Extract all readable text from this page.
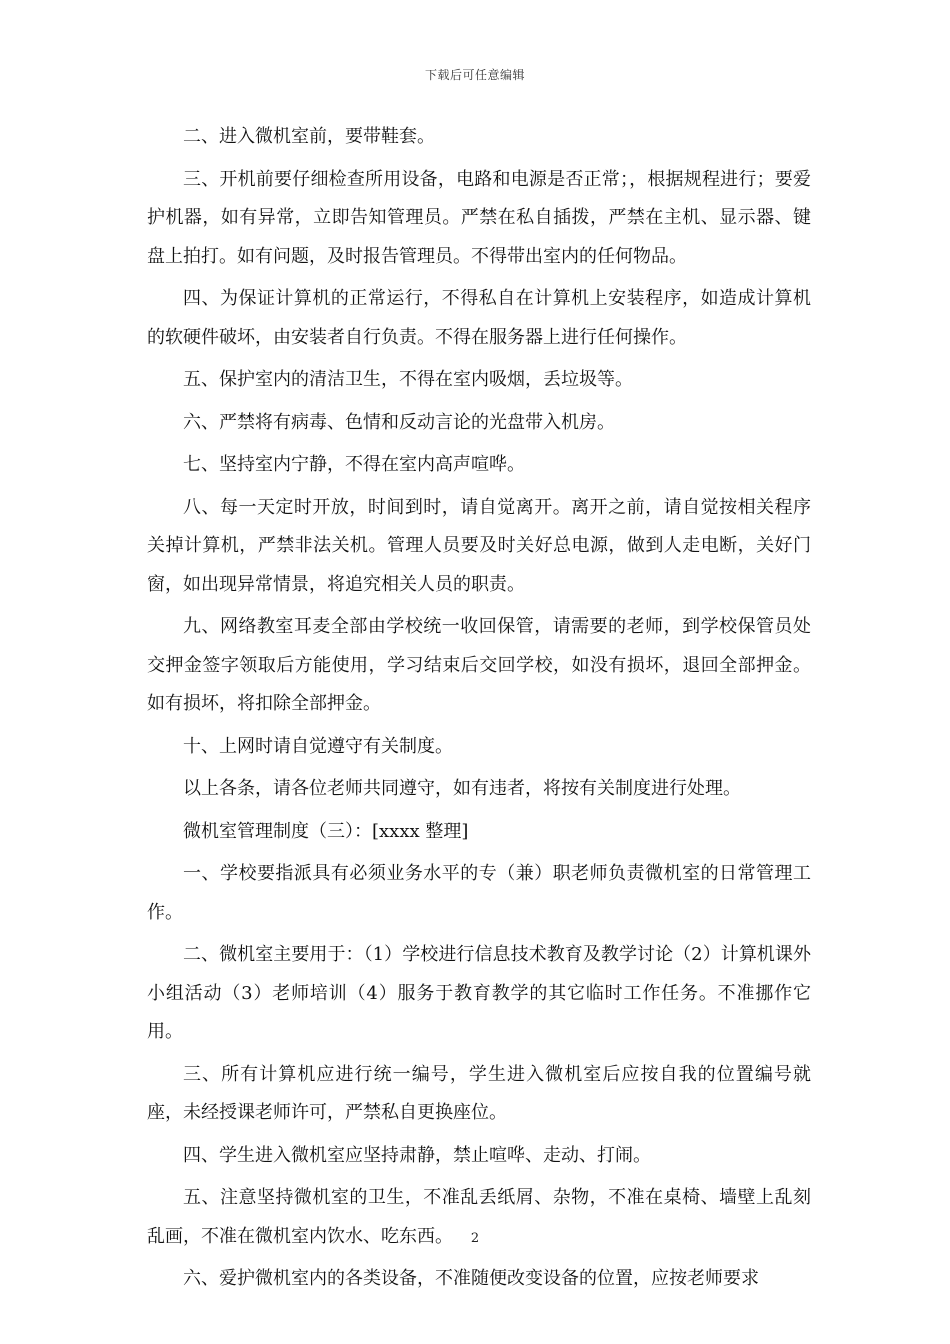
下载后可任意编辑

二、进入微机室前，要带鞋套。

三、开机前要仔细检查所用设备，电路和电源是否正常；，根据规程进行；要爱护机器，如有异常，立即告知管理员。严禁在私自插拨，严禁在主机、显示器、键盘上拍打。如有问题，及时报告管理员。不得带出室内的任何物品。

四、为保证计算机的正常运行，不得私自在计算机上安装程序，如造成计算机的软硬件破坏，由安装者自行负责。不得在服务器上进行任何操作。

五、保护室内的清洁卫生，不得在室内吸烟，丢垃圾等。

六、严禁将有病毒、色情和反动言论的光盘带入机房。

七、坚持室内宁静，不得在室内高声喧哗。

八、每一天定时开放，时间到时，请自觉离开。离开之前，请自觉按相关程序关掉计算机，严禁非法关机。管理人员要及时关好总电源，做到人走电断，关好门窗，如出现异常情景，将追究相关人员的职责。

九、网络教室耳麦全部由学校统一收回保管，请需要的老师，到学校保管员处交押金签字领取后方能使用，学习结束后交回学校，如没有损坏，退回全部押金。如有损坏，将扣除全部押金。

十、上网时请自觉遵守有关制度。

以上各条，请各位老师共同遵守，如有违者，将按有关制度进行处理。

微机室管理制度（三）：[xxxx 整理]

一、学校要指派具有必须业务水平的专（兼）职老师负责微机室的日常管理工作。

二、微机室主要用于：（1）学校进行信息技术教育及教学讨论（2）计算机课外小组活动（3）老师培训（4）服务于教育教学的其它临时工作任务。不准挪作它用。

三、所有计算机应进行统一编号，学生进入微机室后应按自我的位置编号就座，未经授课老师许可，严禁私自更换座位。

四、学生进入微机室应坚持肃静，禁止喧哗、走动、打闹。

五、注意坚持微机室的卫生，不准乱丢纸屑、杂物，不准在桌椅、墙壁上乱刻乱画，不准在微机室内饮水、吃东西。

六、爱护微机室内的各类设备，不准随便改变设备的位置，应按老师要求

2
